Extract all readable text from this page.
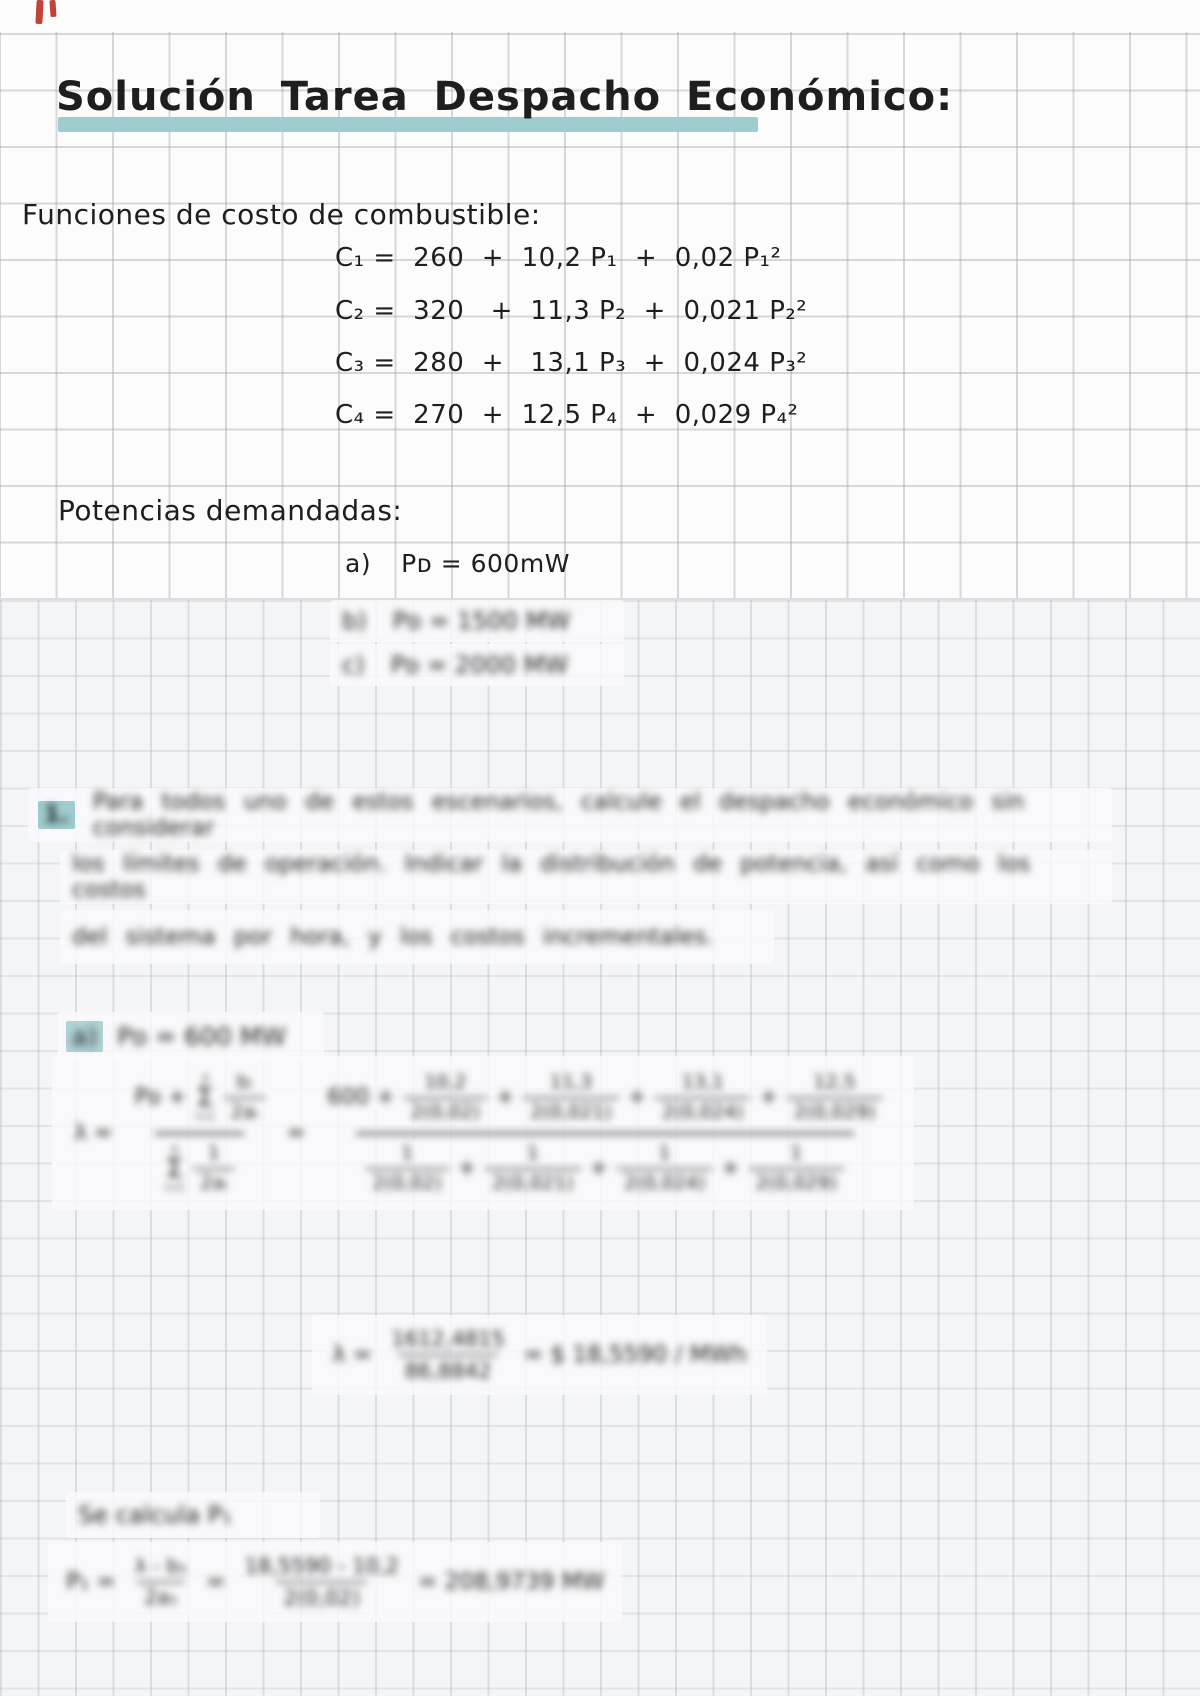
Solución Tarea Despacho Económico:
Funciones de costo de combustible:
C₁ =  260  +  10,2 P₁  +  0,02 P₁²
C₂ =  320   +  11,3 P₂  +  0,021 P₂²
C₃ =  280  +   13,1 P₃  +  0,024 P₃²
C₄ =  270  +  12,5 P₄  +  0,029 P₄²
Potencias demandadas:
a) Pᴅ = 600mW
b) Pᴅ = 1500 MW
c) Pᴅ = 2000 MW
1. Para todos uno de estos escenarios, calcule el despacho económico sin considerar
los límites de operación. Indicar la distribución de potencia, así como los costos
del sistema por hora, y los costos incrementales.
a) Pᴅ = 600 MW
λ =
Pᴅ +
4
Σ
$i=1 \frac{\text{bᵢ}}{\text{2aᵢ}}$
4
Σ
$i=1 \frac{1}{\text{2aᵢ}}$
=
$600 + \frac{10,2}{2(0,02)} + \frac{11,3}{2(0,021)} + \frac{13,1}{2(0,024)} + \frac{12,5}{2(0,029)}$
$\frac{1}{2(0,02)} + \frac{1}{2(0,021)} + \frac{1}{2(0,024)} + \frac{1}{2(0,029)}$
$\lambda = \frac{1612,4815}{86,8842}$ = $ 18,5590 / MWh
Se calcula P₁
$P_1 = \frac{\text{λ - b₁}}{\text{2a₁}} = \frac{18,5590 - 10,2}{2(0,02)} = 208,9739$ MW
